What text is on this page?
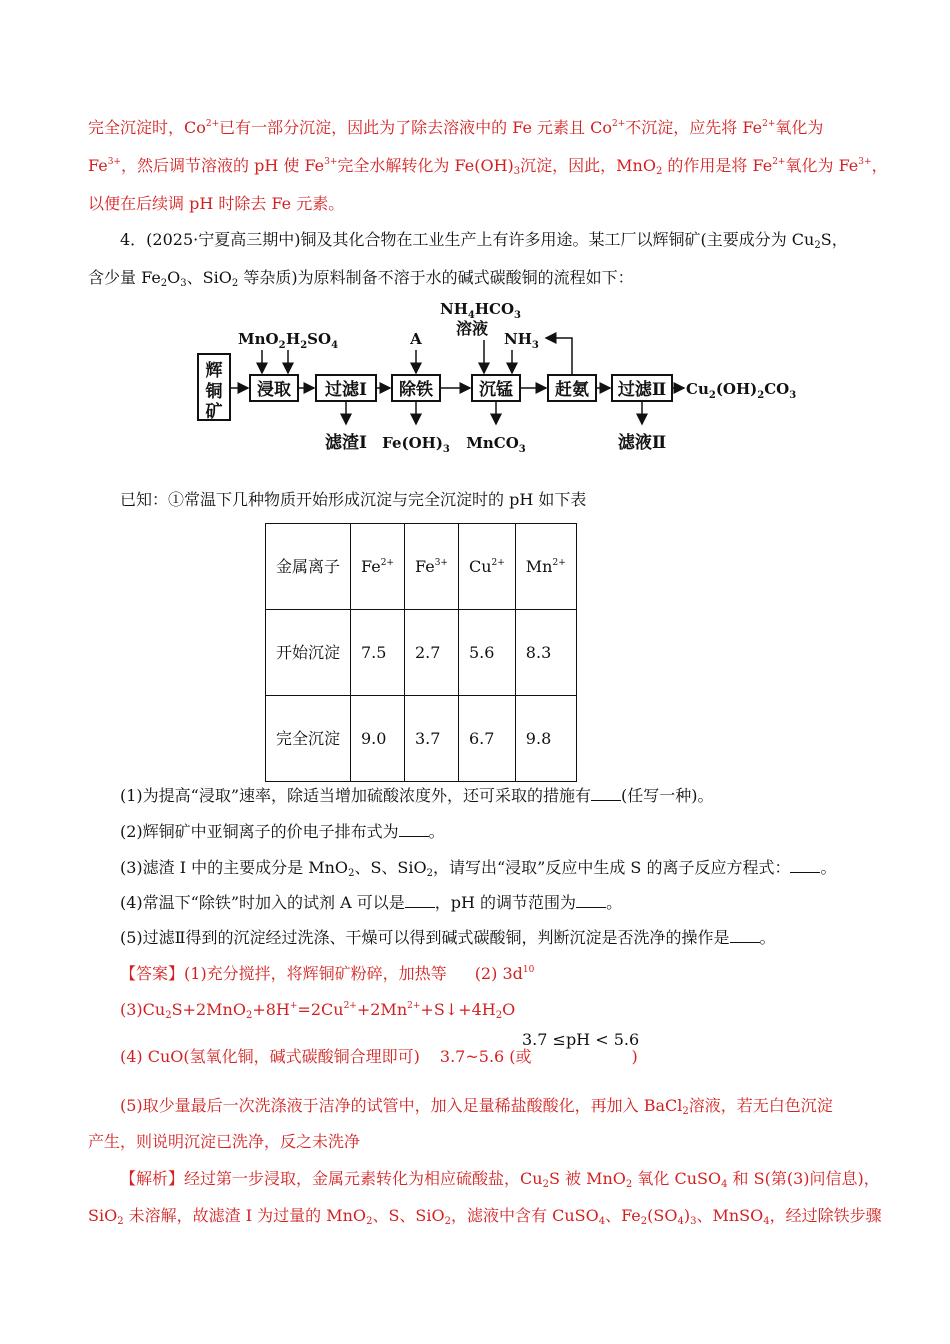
完全沉淀时，$Co^{2+}$已有一部分沉淀，因此为了除去溶液中的 Fe 元素且 $Co^{2+}$不沉淀，应先将 $Fe^{2+}$氧化为
$Fe^{3+}$，然后调节溶液的 pH 使 $Fe^{3+}$完全水解转化为 $Fe(OH)_3$沉淀，因此，MnO$_2$ 的作用是将 $Fe^{2+}$氧化为 $Fe^{3+}$，
以便在后续调 pH 时除去 Fe 元素。
4．(2025·宁夏高三期中)铜及其化合物在工业生产上有许多用途。某工厂以辉铜矿(主要成分为 $Cu_2S$，
含少量 $Fe_2O_3$、SiO$_2$ 等杂质)为原料制备不溶于水的碱式碳酸铜的流程如下：
辉
铜
矿
浸取 过滤Ⅰ 除铁	沉锰 赶氨 过滤Ⅱ $Cu_2(OH)_2CO_3$
MnO$_2$ $H_2SO_4$	A
$NH_4HCO_3$
溶液
$NH_3$
滤渣Ⅰ $Fe(OH)_3$ MnCO$_3$	滤液Ⅱ
已知：①常温下几种物质开始形成沉淀与完全沉淀时的 pH 如下表
金属离子	$Fe^{2+}$	$Fe^{3+}$	$Cu^{2+}$	$Mn^{2+}$
开始沉淀	7.5	2.7	5.6	8.3
完全沉淀	9.0	3.7	6.7	9.8
(1)为提高“浸取”速率，除适当增加硫酸浓度外，还可采取的措施有 (任写一种)。
(2)辉铜矿中亚铜离子的价电子排布式为 。
(3)滤渣 I 中的主要成分是 MnO$_2$、S、SiO$_2$，请写出“浸取”反应中生成 S 的离子反应方程式： 。
(4)常温下“除铁”时加入的试剂 A 可以是 ，pH 的调节范围为 。
(5)过滤Ⅱ得到的沉淀经过洗涤、干燥可以得到碱式碳酸铜，判断沉淀是否洗净的操作是 。
【答案】(1)充分搅拌，将辉铜矿粉碎，加热等 (2) $3d^{10}$
$(3)Cu_2S+2MnO_2+8H^+=2Cu^{2+}+2Mn^{2+}+S↓+4H_2O$
3.7 ≤pH < 5.6
(4) CuO(氢氧化铜，碱式碳酸铜合理即可) 3.7~5.6 (或	)
(5)取少量最后一次洗涤液于洁净的试管中，加入足量稀盐酸酸化，再加入 BaCl$_2$溶液，若无白色沉淀
产生，则说明沉淀已洗净，反之未洗净
【解析】经过第一步浸取，金属元素转化为相应硫酸盐，$Cu_2S$ 被 MnO$_2$ 氧化 CuSO$_4$ 和 S(第(3)问信息)，
SiO$_2$ 未溶解，故滤渣 I 为过量的 MnO$_2$、S、SiO$_2$，滤液中含有 CuSO$_4$、$Fe_2(SO_4)_3$、MnSO$_4$，经过除铁步骤
